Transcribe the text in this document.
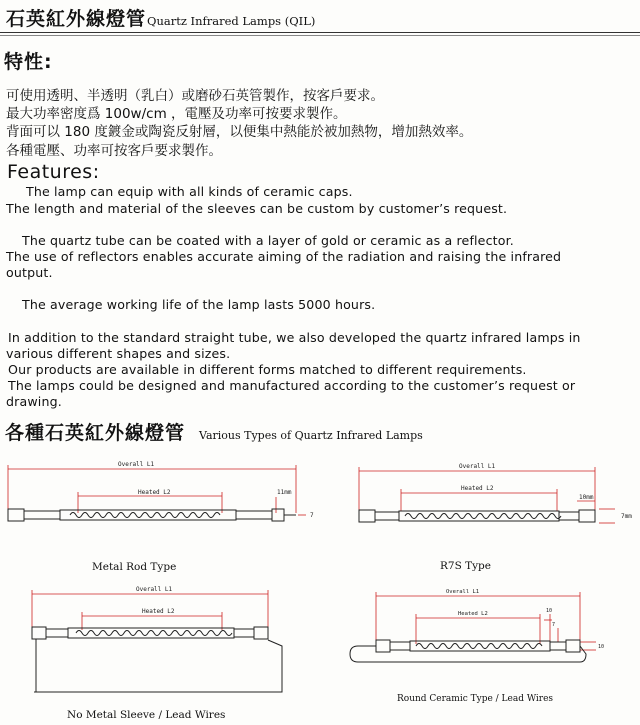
石英紅外線燈管 Quartz Infrared Lamps (QIL)
特性:
可使用透明、半透明（乳白）或磨砂石英管製作，按客戶要求。
最大功率密度爲 100w/cm ，電壓及功率可按要求製作。
背面可以 180 度鍍金或陶瓷反射層，以便集中熱能於被加熱物，增加熱效率。
各種電壓、功率可按客戶要求製作。
Features:
The lamp can equip with all kinds of ceramic caps.
The length and material of the sleeves can be custom by customer’s request.
The quartz tube can be coated with a layer of gold or ceramic as a reflector.
The use of reflectors enables accurate aiming of the radiation and raising the infrared
output.
The average working life of the lamp lasts 5000 hours.
In addition to the standard straight tube, we also developed the quartz infrared lamps in
various different shapes and sizes.
Our products are available in different forms matched to different requirements.
The lamps could be designed and manufactured according to the customer’s request or
drawing.
各種石英紅外線燈管 Various Types of Quartz Infrared Lamps
Overall L1
Heated L2	11mm
7
Metal Rod Type
Overall L1
Heated L2
10mm
7mm
R7S Type
Overall L1
Heated L2
No Metal Sleeve / Lead Wires
Overall L1
Heated L2	10
7
10
Round Ceramic Type / Lead Wires
